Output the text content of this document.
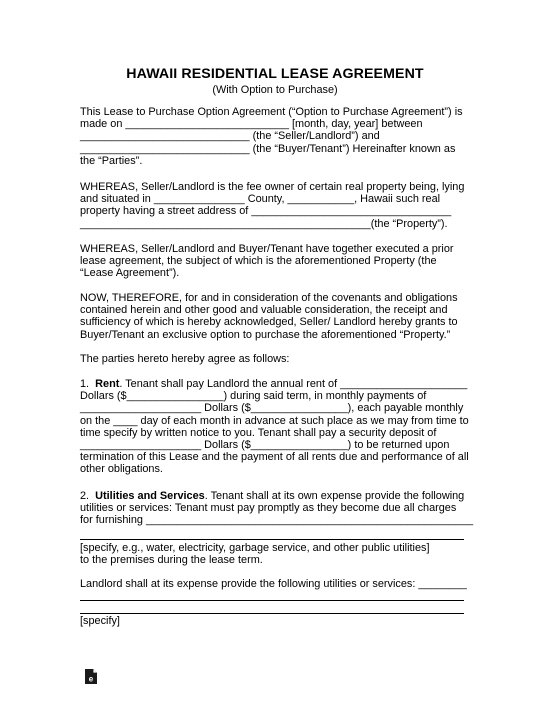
HAWAII RESIDENTIAL LEASE AGREEMENT
(With Option to Purchase)
This Lease to Purchase Option Agreement (“Option to Purchase Agreement”) is
made on ___________________________ [month, day, year] between
____________________________ (the “Seller/Landlord”) and
____________________________ (the “Buyer/Tenant”) Hereinafter known as
the “Parties”.
WHEREAS, Seller/Landlord is the fee owner of certain real property being, lying
and situated in _______________ County, ___________, Hawaii such real
property having a street address of _________________________________
________________________________________________(the “Property”).
WHEREAS, Seller/Landlord and Buyer/Tenant have together executed a prior
lease agreement, the subject of which is the aforementioned Property (the
“Lease Agreement”).
NOW, THEREFORE, for and in consideration of the covenants and obligations
contained herein and other good and valuable consideration, the receipt and
sufficiency of which is hereby acknowledged, Seller/ Landlord hereby grants to
Buyer/Tenant an exclusive option to purchase the aforementioned “Property.”
The parties hereto hereby agree as follows:
1. Rent. Tenant shall pay Landlord the annual rent of _____________________
Dollars ($________________) during said term, in monthly payments of
____________________ Dollars ($________________), each payable monthly
on the ____ day of each month in advance at such place as we may from time to
time specify by written notice to you. Tenant shall pay a security deposit of
____________________ Dollars ($________________) to be returned upon
termination of this Lease and the payment of all rents due and performance of all
other obligations.
2. Utilities and Services. Tenant shall at its own expense provide the following
utilities or services: Tenant must pay promptly as they become due all charges
for furnishing ______________________________________________________
[specify, e.g., water, electricity, garbage service, and other public utilities]
to the premises during the lease term.
Landlord shall at its expense provide the following utilities or services: ________
[specify]
e
